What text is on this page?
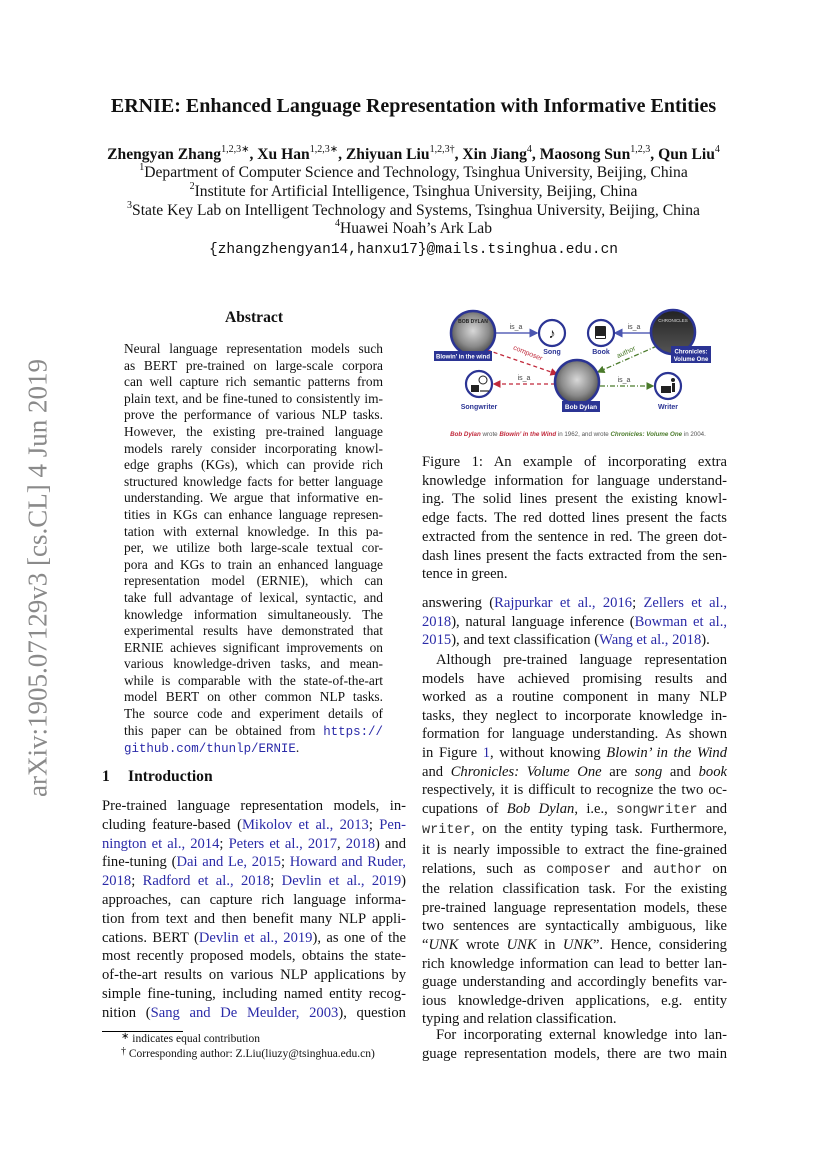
arXiv:1905.07129v3 [cs.CL] 4 Jun 2019
ERNIE: Enhanced Language Representation with Informative Entities
Zhengyan Zhang$^{1,2,3∗}$, Xu Han$^{1,2,3∗}$, Zhiyuan Liu$^{1,2,3\dagger}$, Xin Jiang$^4$, Maosong Sun$^{1,2,3}$, Qun Liu$^4$
$^1$Department of Computer Science and Technology, Tsinghua University, Beijing, China
$^2$Institute for Artificial Intelligence, Tsinghua University, Beijing, China
$^3$State Key Lab on Intelligent Technology and Systems, Tsinghua University, Beijing, China
$^4$Huawei Noah’s Ark Lab
{zhangzhengyan14,hanxu17}@mails.tsinghua.edu.cn
Abstract
Neural language representation models such
as BERT pre-trained on large-scale corpora
can well capture rich semantic patterns from
plain text, and be fine-tuned to consistently im-
prove the performance of various NLP tasks.
However, the existing pre-trained language
models rarely consider incorporating knowl-
edge graphs (KGs), which can provide rich
structured knowledge facts for better language
understanding. We argue that informative en-
tities in KGs can enhance language represen-
tation with external knowledge. In this pa-
per, we utilize both large-scale textual cor-
pora and KGs to train an enhanced language
representation model (ERNIE), which can
take full advantage of lexical, syntactic, and
knowledge information simultaneously. The
experimental results have demonstrated that
ERNIE achieves significant improvements on
various knowledge-driven tasks, and mean-
while is comparable with the state-of-the-art
model BERT on other common NLP tasks.
The source code and experiment details of
this paper can be obtained from https://
github.com/thunlp/ERNIE.
1 Introduction
Pre-trained language representation models, in-
cluding feature-based (Mikolov et al., 2013; Pen-
nington et al., 2014; Peters et al., 2017, 2018) and
fine-tuning (Dai and Le, 2015; Howard and Ruder,
2018; Radford et al., 2018; Devlin et al., 2019)
approaches, can capture rich language informa-
tion from text and then benefit many NLP appli-
cations. BERT (Devlin et al., 2019), as one of the
most recently proposed models, obtains the state-
of-the-art results on various NLP applications by
simple fine-tuning, including named entity recog-
nition (Sang and De Meulder, 2003), question
∗ indicates equal contribution
† Corresponding author: Z.Liu(liuzy@tsinghua.edu.cn)
is_a	is_a
composer	author
is_a	is_a
BOB DYLAN
Blowin’ in the wind
♪
Song	Book
CHRONICLES
Chronicles:
Volume One
Bob Dylan
Songwriter	Writer
Bob Dylan wrote Blowin’ in the Wind in 1962, and wrote Chronicles: Volume One in 2004.
Figure 1: An example of incorporating extra
knowledge information for language understand-
ing. The solid lines present the existing knowl-
edge facts. The red dotted lines present the facts
extracted from the sentence in red. The green dot-
dash lines present the facts extracted from the sen-
tence in green.
answering (Rajpurkar et al., 2016; Zellers et al.,
2018), natural language inference (Bowman et al.,
2015), and text classification (Wang et al., 2018).
Although pre-trained language representation
models have achieved promising results and
worked as a routine component in many NLP
tasks, they neglect to incorporate knowledge in-
formation for language understanding. As shown
in Figure 1, without knowing Blowin’ in the Wind
and Chronicles: Volume One are song and book
respectively, it is difficult to recognize the two oc-
cupations of Bob Dylan, i.e., songwriter and
writer, on the entity typing task. Furthermore,
it is nearly impossible to extract the fine-grained
relations, such as composer and author on
the relation classification task. For the existing
pre-trained language representation models, these
two sentences are syntactically ambiguous, like
“UNK wrote UNK in UNK”. Hence, considering
rich knowledge information can lead to better lan-
guage understanding and accordingly benefits var-
ious knowledge-driven applications, e.g. entity
typing and relation classification.
For incorporating external knowledge into lan-
guage representation models, there are two main
